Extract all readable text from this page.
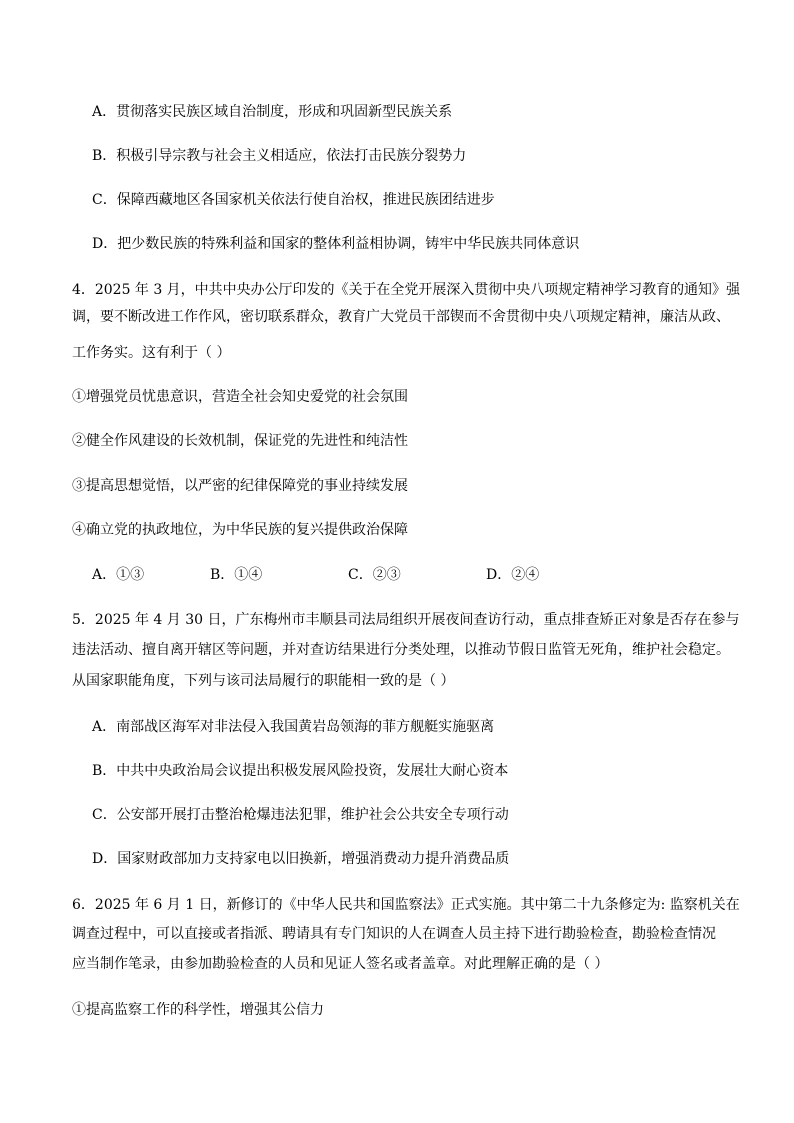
A．贯彻落实民族区域自治制度，形成和巩固新型民族关系
B．积极引导宗教与社会主义相适应，依法打击民族分裂势力
C．保障西藏地区各国家机关依法行使自治权，推进民族团结进步
D．把少数民族的特殊利益和国家的整体利益相协调，铸牢中华民族共同体意识
4．2025 年 3 月，中共中央办公厅印发的《关于在全党开展深入贯彻中央八项规定精神学习教育的通知》强
调，要不断改进工作作风，密切联系群众，教育广大党员干部锲而不舍贯彻中央八项规定精神，廉洁从政、
工作务实。这有利于（ ）
①增强党员忧患意识，营造全社会知史爱党的社会氛围
②健全作风建设的长效机制，保证党的先进性和纯洁性
③提高思想觉悟，以严密的纪律保障党的事业持续发展
④确立党的执政地位，为中华民族的复兴提供政治保障
A．①③	B．①④	C．②③	D．②④
5．2025 年 4 月 30 日，广东梅州市丰顺县司法局组织开展夜间查访行动，重点排查矫正对象是否存在参与
违法活动、擅自离开辖区等问题，并对查访结果进行分类处理，以推动节假日监管无死角，维护社会稳定。
从国家职能角度，下列与该司法局履行的职能相一致的是（ ）
A．南部战区海军对非法侵入我国黄岩岛领海的菲方舰艇实施驱离
B．中共中央政治局会议提出积极发展风险投资，发展壮大耐心资本
C．公安部开展打击整治枪爆违法犯罪，维护社会公共安全专项行动
D．国家财政部加力支持家电以旧换新，增强消费动力提升消费品质
6．2025 年 6 月 1 日，新修订的《中华人民共和国监察法》正式实施。其中第二十九条修定为: 监察机关在
调查过程中，可以直接或者指派、聘请具有专门知识的人在调查人员主持下进行勘验检查，勘验检查情况
应当制作笔录，由参加勘验检查的人员和见证人签名或者盖章。对此理解正确的是（ ）
①提高监察工作的科学性，增强其公信力
